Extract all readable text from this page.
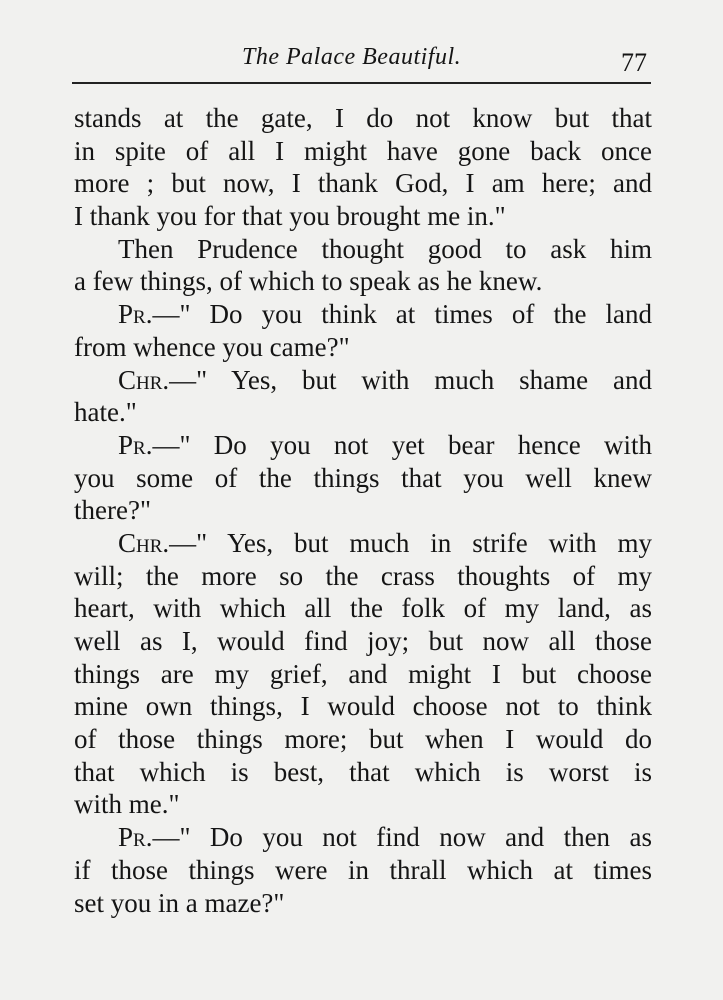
The Palace Beautiful.	77
stands at the gate, I do not know but that
in spite of all I might have gone back once
more ; but now, I thank God, I am here; and
I thank you for that you brought me in."
Then Prudence thought good to ask him
a few things, of which to speak as he knew.
Pr.—" Do you think at times of the land
from whence you came?"
Chr.—" Yes, but with much shame and
hate."
Pr.—" Do you not yet bear hence with
you some of the things that you well knew
there?"
Chr.—" Yes, but much in strife with my
will; the more so the crass thoughts of my
heart, with which all the folk of my land, as
well as I, would find joy; but now all those
things are my grief, and might I but choose
mine own things, I would choose not to think
of those things more; but when I would do
that which is best, that which is worst is
with me."
Pr.—" Do you not find now and then as
if those things were in thrall which at times
set you in a maze?"
